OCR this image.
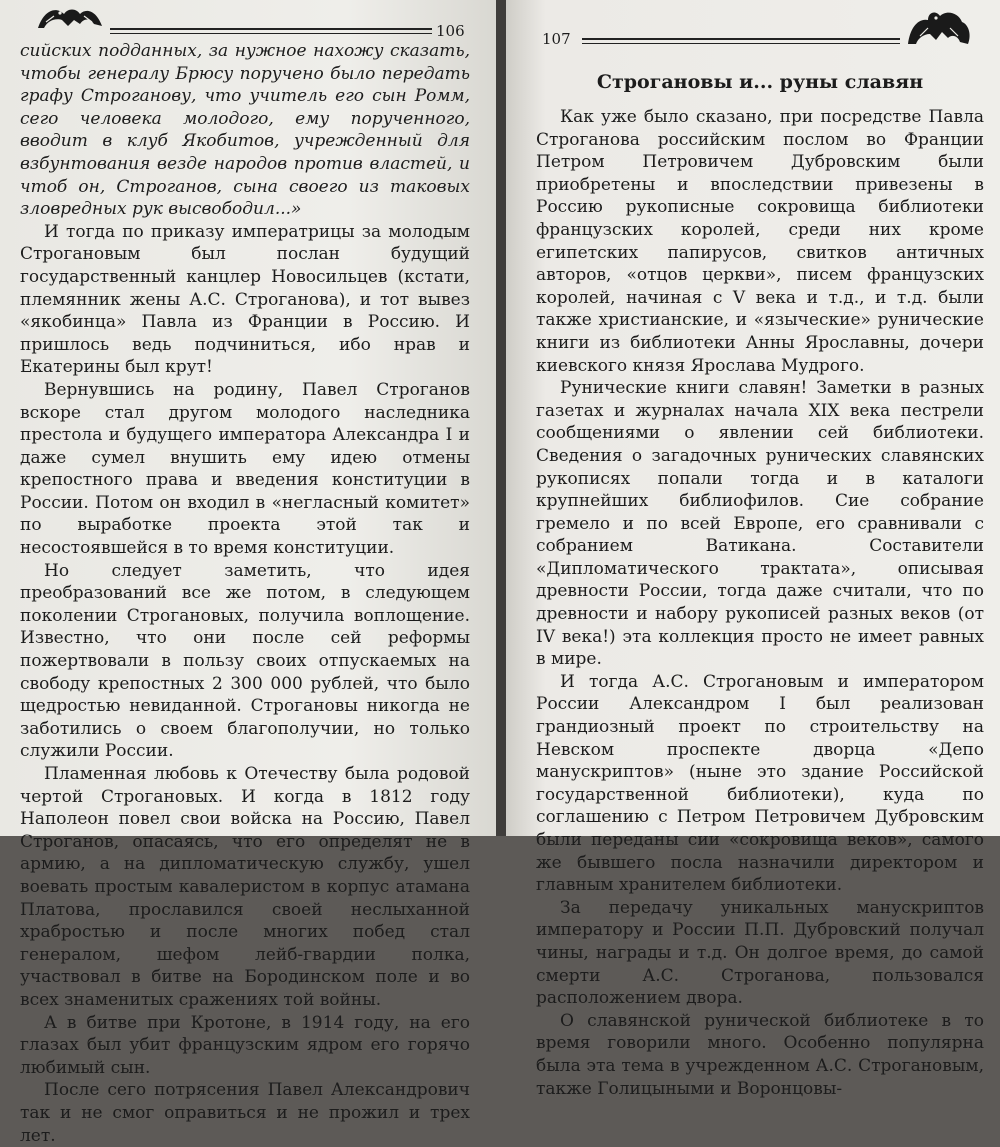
106

сийских подданных, за нужное нахожу сказать, чтобы генералу Брюсу поручено было передать графу Строганову, что учитель его сын Ромм, сего человека молодого, ему порученного, вводит в клуб Якобитов, учрежденный для взбунтования везде народов против властей, и чтоб он, Строганов, сына своего из таковых зловредных рук высвободил...»

И тогда по приказу императрицы за молодым Строгановым был послан будущий государственный канцлер Новосильцев (кстати, племянник жены А.С. Строганова), и тот вывез «якобинца» Павла из Франции в Россию. И пришлось ведь подчиниться, ибо нрав и Екатерины был крут!

Вернувшись на родину, Павел Строганов вскоре стал другом молодого наследника престола и будущего императора Александра I и даже сумел внушить ему идею отмены крепостного права и введения конституции в России. Потом он входил в «негласный комитет» по выработке проекта этой так и несостоявшейся в то время конституции.

Но следует заметить, что идея преобразований все же потом, в следующем поколении Строгановых, получила воплощение. Известно, что они после сей реформы пожертвовали в пользу своих отпускаемых на свободу крепостных 2 300 000 рублей, что было щедростью невиданной. Строгановы никогда не заботились о своем благополучии, но только служили России.

Пламенная любовь к Отечеству была родовой чертой Строгановых. И когда в 1812 году Наполеон повел свои войска на Россию, Павел Строганов, опасаясь, что его определят не в армию, а на дипломатическую службу, ушел воевать простым кавалеристом в корпус атамана Платова, прославился своей неслыханной храбростью и после многих побед стал генералом, шефом лейб-гвардии полка, участвовал в битве на Бородинском поле и во всех знаменитых сражениях той войны.

А в битве при Кротоне, в 1914 году, на его глазах был убит французским ядром его горячо любимый сын.

После сего потрясения Павел Александрович так и не смог оправиться и не прожил и трех лет.

107
Строгановы и... руны славян

Как уже было сказано, при посредстве Павла Строганова российским послом во Франции Петром Петровичем Дубровским были приобретены и впоследствии привезены в Россию рукописные сокровища библиотеки французских королей, среди них кроме египетских папирусов, свитков античных авторов, «отцов церкви», писем французских королей, начиная с V века и т.д., и т.д. были также христианские, и «языческие» рунические книги из библиотеки Анны Ярославны, дочери киевского князя Ярослава Мудрого.

Рунические книги славян! Заметки в разных газетах и журналах начала XIX века пестрели сообщениями о явлении сей библиотеки. Сведения о загадочных рунических славянских рукописях попали тогда и в каталоги крупнейших библиофилов. Сие собрание гремело и по всей Европе, его сравнивали с собранием Ватикана. Составители «Дипломатического трактата», описывая древности России, тогда даже считали, что по древности и набору рукописей разных веков (от IV века!) эта коллекция просто не имеет равных в мире.

И тогда А.С. Строгановым и императором России Александром I был реализован грандиозный проект по строительству на Невском проспекте дворца «Депо манускриптов» (ныне это здание Российской государственной библиотеки), куда по соглашению с Петром Петровичем Дубровским были переданы сии «сокровища веков», самого же бывшего посла назначили директором и главным хранителем библиотеки.

За передачу уникальных манускриптов императору и России П.П. Дубровский получал чины, награды и т.д. Он долгое время, до самой смерти А.С. Строганова, пользовался расположением двора.

О славянской рунической библиотеке в то время говорили много. Особенно популярна была эта тема в учрежденном А.С. Строгановым, также Голицыными и Воронцовы-
